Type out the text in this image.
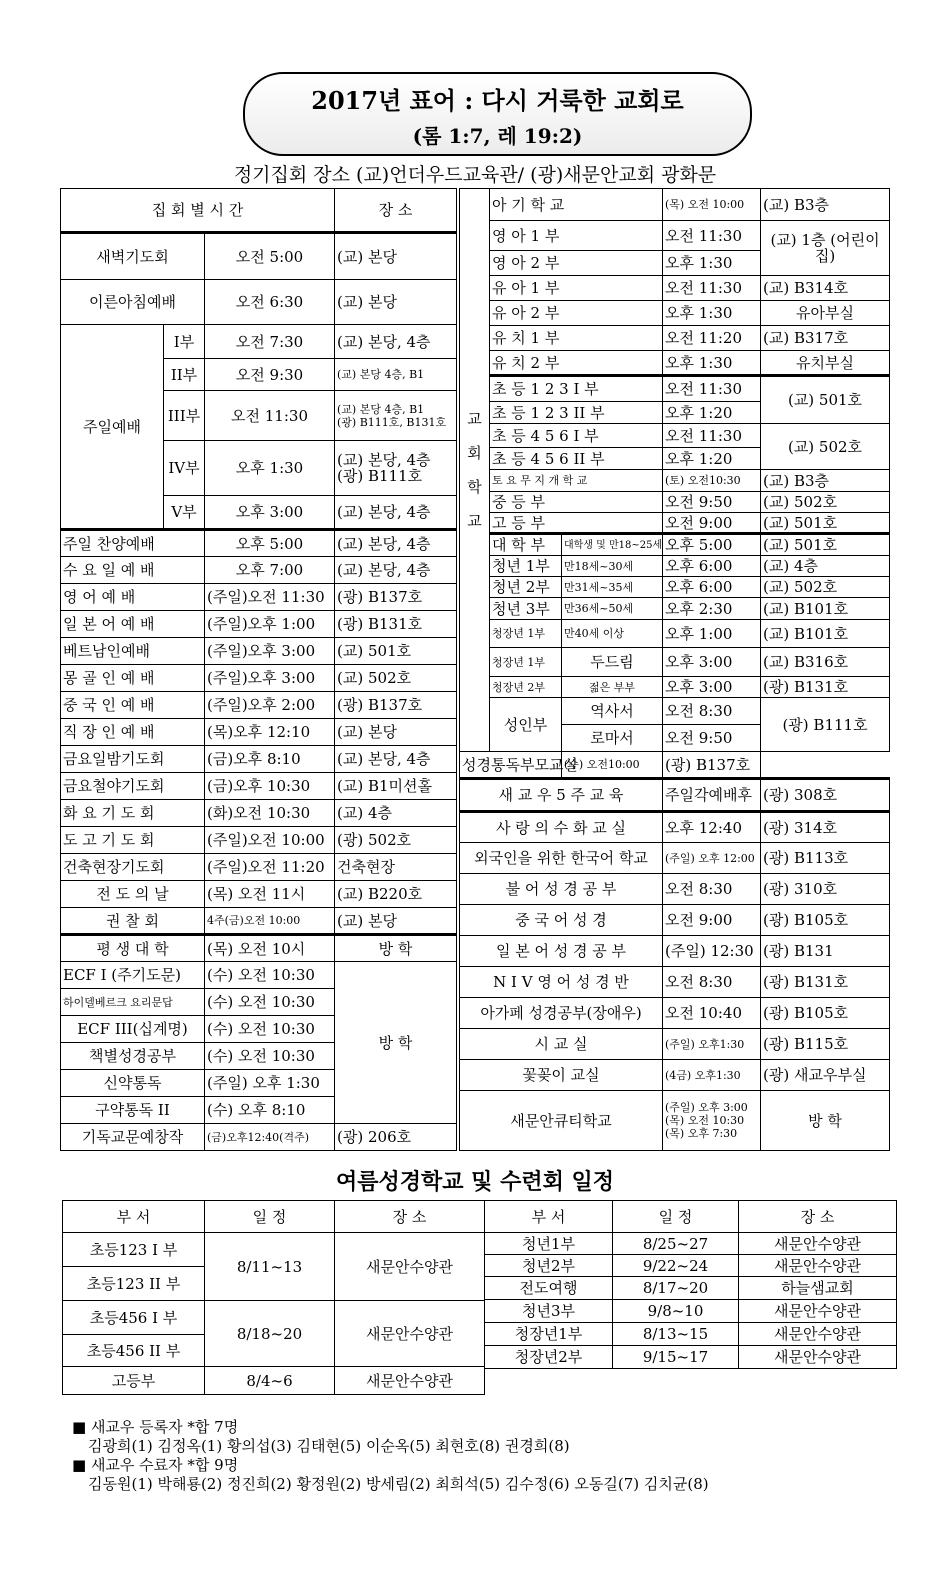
2017년 표어 : 다시 거룩한 교회로
(롬 1:7, 레 19:2)
정기집회 장소 (교)언더우드교육관/ (광)새문안교회 광화문
집 회 별 시 간			장 소
새벽기도회		오전 5:00	(교) 본당
이른아침예배		오전 6:30	(교) 본당
주일예배	I부	오전 7:30	(교) 본당, 4층
	II부	오전 9:30	(교) 본당 4층, B1
	III부	오전 11:30	(교) 본당 4층, B1
(광) B111호, B131호

	IV부	오후 1:30	(교) 본당, 4층
(광) B111호

	V부	오후 3:00	(교) 본당, 4층
주일 찬양예배		오후 5:00	(교) 본당, 4층
수 요 일 예 배		오후 7:00	(교) 본당, 4층
영 어 예 배		(주일)오전 11:30	(광) B137호
일 본 어 예 배		(주일)오후 1:00	(광) B131호
베트남인예배		(주일)오후 3:00	(교) 501호
몽 골 인 예 배		(주일)오후 3:00	(교) 502호
중 국 인 예 배		(주일)오후 2:00	(광) B137호
직 장 인 예 배		(목)오후 12:10	(교) 본당
금요일밤기도회		(금)오후 8:10	(교) 본당, 4층
금요철야기도회		(금)오후 10:30	(교) B1미션홀
화 요 기 도 회		(화)오전 10:30	(교) 4층
도 고 기 도 회		(주일)오전 10:00	(광) 502호
건축현장기도회		(주일)오전 11:20	건축현장
전 도 의 날		(목) 오전 11시	(교) B220호
권 찰 회		4주(금)오전 10:00	(교) 본당
평 생 대 학		(목) 오전 10시	방 학
ECF I (주기도문)		(수) 오전 10:30	방 학
하이델베르크 요리문답		(수) 오전 10:30	
ECF III(십계명)		(수) 오전 10:30	
책별성경공부		(수) 오전 10:30	
신약통독		(주일) 오후 1:30	
구약통독 II		(수) 오후 8:10	
기독교문예창작		(금)오후12:40(격주)	(광) 206호
교 회 학 교	아 기 학 교		(목) 오전 10:00	(교) B3층
	영 아 1 부		오전 11:30	(교) 1층 (어린이집)
	영 아 2 부		오후 1:30	
	유 아 1 부		오전 11:30	(교) B314호
	유 아 2 부		오후 1:30	유아부실
	유 치 1 부		오전 11:20	(교) B317호
	유 치 2 부		오후 1:30	유치부실
	초 등 1 2 3 I 부		오전 11:30	(교) 501호
	초 등 1 2 3 II 부		오후 1:20	
	초 등 4 5 6 I 부		오전 11:30	(교) 502호
	초 등 4 5 6 II 부		오후 1:20	
	토 요 무 지 개 학 교		(토) 오전10:30	(교) B3층
	중 등 부		오전 9:50	(교) 502호
	고 등 부		오전 9:00	(교) 501호
	대 학 부	대학생 및 만18~25세	오후 5:00	(교) 501호
	청년 1부	만18세~30세	오후 6:00	(교) 4층
	청년 2부	만31세~35세	오후 6:00	(교) 502호
	청년 3부	만36세~50세	오후 2:30	(교) B101호
	청장년 1부	만40세 이상	오후 1:00	(교) B101호
	청장년 1부	두드림	오후 3:00	(교) B316호
	청장년 2부	젊은 부부	오후 3:00	(광) B131호
	성인부	역사서	오전 8:30	(광) B111호
		로마서	오전 9:50	
성경통독부모교실		(수) 오전10:00	(광) B137호	
새 교 우 5 주 교 육			주일각예배후	(광) 308호
사 랑 의 수 화 교 실			오후 12:40	(광) 314호
외국인을 위한 한국어 학교			(주일) 오후 12:00	(광) B113호
불 어 성 경 공 부			오전 8:30	(광) 310호
중 국 어 성 경			오전 9:00	(광) B105호
일 본 어 성 경 공 부			(주일) 12:30	(광) B131
N I V 영 어 성 경 반			오전 8:30	(광) B131호
아가페 성경공부(장애우)			오전 10:40	(광) B105호
시 교 실			(주일) 오후1:30	(광) B115호
꽃꽂이 교실			(4금) 오후1:30	(광) 새교우부실
새문안큐티학교			(주일) 오후 3:00
(목) 오전 10:30
(목) 오후 7:30	방 학
여름성경학교 및 수련회 일정
부 서	일 정	장 소
초등123 I 부	8/11~13	새문안수양관
초등123 II 부		
초등456 I 부	8/18~20	새문안수양관
초등456 II 부		
고등부	8/4~6	새문안수양관
부 서	일 정	장 소
청년1부	8/25~27	새문안수양관
청년2부	9/22~24	새문안수양관
전도여행	8/17~20	하늘샘교회
청년3부	9/8~10	새문안수양관
청장년1부	8/13~15	새문안수양관
청장년2부	9/15~17	새문안수양관
■ 새교우 등록자 *합 7명
김광희(1) 김정옥(1) 황의섭(3) 김태현(5) 이순옥(5) 최현호(8) 권경희(8)
■ 새교우 수료자 *합 9명
김동원(1) 박해룡(2) 정진희(2) 황정원(2) 방세림(2) 최희석(5) 김수정(6) 오동길(7) 김치균(8)
